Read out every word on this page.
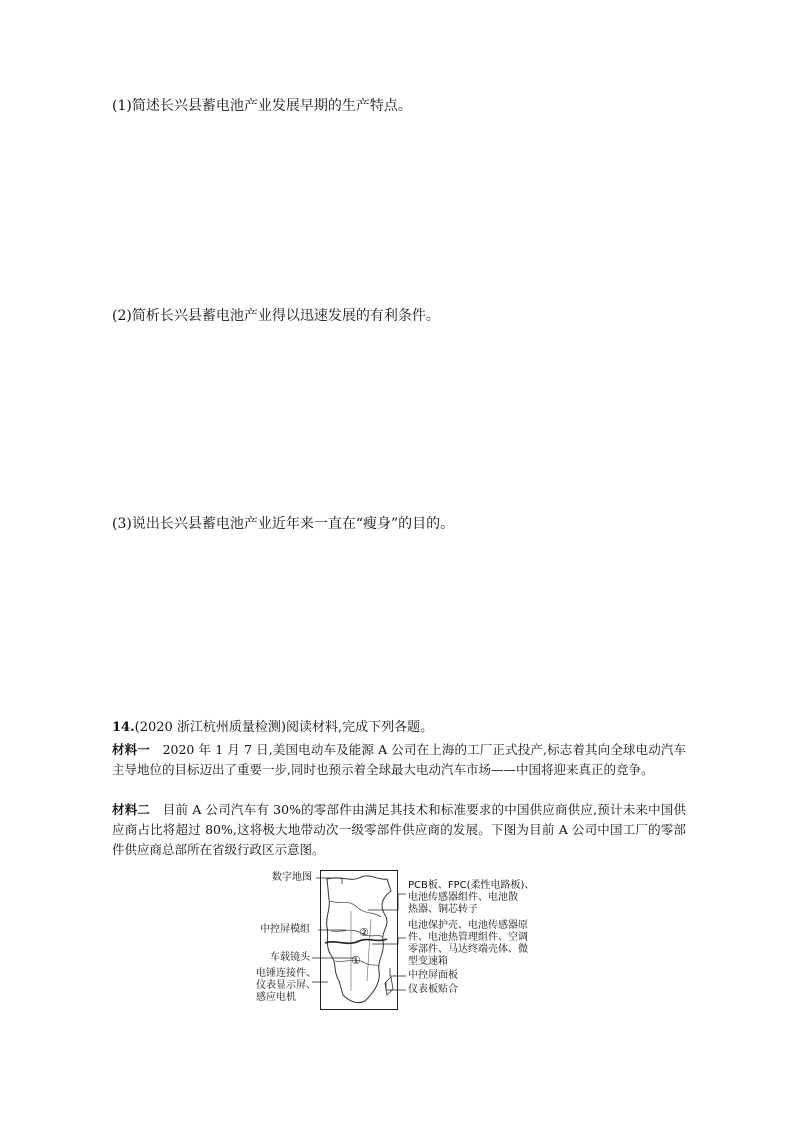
(1)简述长兴县蓄电池产业发展早期的生产特点。
(2)简析长兴县蓄电池产业得以迅速发展的有利条件。
(3)说出长兴县蓄电池产业近年来一直在“瘦身”的目的。
14.(2020 浙江杭州质量检测)阅读材料,完成下列各题。
材料一　2020 年 1 月 7 日,美国电动车及能源 A 公司在上海的工厂正式投产,标志着其向全球电动汽车主导地位的目标迈出了重要一步,同时也预示着全球最大电动汽车市场——中国将迎来真正的竞争。
材料二　目前 A 公司汽车有 30%的零部件由满足其技术和标准要求的中国供应商供应,预计未来中国供应商占比将超过 80%,这将极大地带动次一级零部件供应商的发展。下图为目前 A 公司中国工厂的零部件供应商总部所在省级行政区示意图。
②
①
数字地图
中控屏模组
车载镜头
电锤连接件、
仪表显示屏、
感应电机
PCB板、FPC(柔性电路板)、
电池传感器组件、电池散
热器、铜芯转子
电池保护壳、电池传感器原
件、电池热管理组件、空调
零部件、马达终端壳体、微
型变速箱
中控屏面板
仪表板贴合
